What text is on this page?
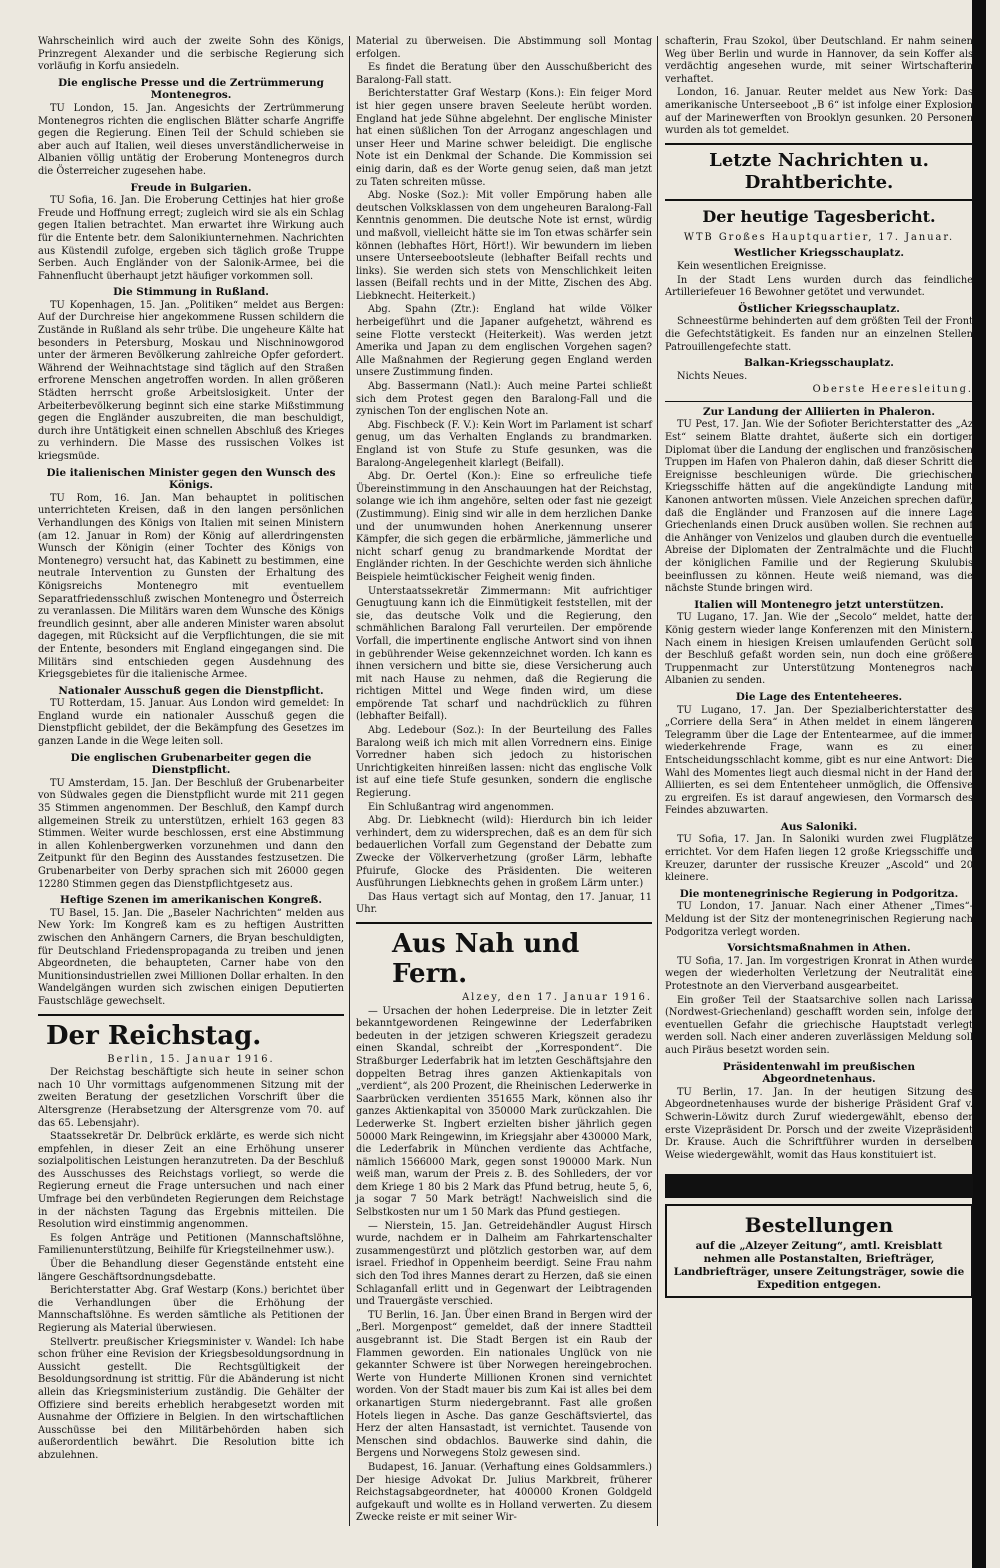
Wahrscheinlich wird auch der zweite Sohn des Königs, Prinzregent Alexander und die serbische Regierung sich vorläufig in Korfu ansiedeln.

Die englische Presse und die Zertrümmerung Montenegros.

TU London, 15. Jan. Angesichts der Zertrümmerung Montenegros richten die englischen Blätter scharfe Angriffe gegen die Regierung. Einen Teil der Schuld schieben sie aber auch auf Italien, weil dieses unverständlicherweise in Albanien völlig untätig der Eroberung Montenegros durch die Österreicher zugesehen habe.

Freude in Bulgarien.

TU Sofia, 16. Jan. Die Eroberung Cettinjes hat hier große Freude und Hoffnung erregt; zugleich wird sie als ein Schlag gegen Italien betrachtet. Man erwartet ihre Wirkung auch für die Entente betr. dem Salonikiunternehmen. Nachrichten aus Küstendil zufolge, ergeben sich täglich große Truppe Serben. Auch Engländer von der Salonik-Armee, bei die Fahnenflucht überhaupt jetzt häufiger vorkommen soll.

Die Stimmung in Rußland.

TU Kopenhagen, 15. Jan. „Politiken“ meldet aus Bergen: Auf der Durchreise hier angekommene Russen schildern die Zustände in Rußland als sehr trübe. Die ungeheure Kälte hat besonders in Petersburg, Moskau und Nischninowgorod unter der ärmeren Bevölkerung zahlreiche Opfer gefordert. Während der Weihnachtstage sind täglich auf den Straßen erfrorene Menschen angetroffen worden. In allen größeren Städten herrscht große Arbeitslosigkeit. Unter der Arbeiterbevölkerung beginnt sich eine starke Mißstimmung gegen die Engländer auszubreiten, die man beschuldigt, durch ihre Untätigkeit einen schnellen Abschluß des Krieges zu verhindern. Die Masse des russischen Volkes ist kriegsmüde.

Die italienischen Minister gegen den Wunsch des Königs.

TU Rom, 16. Jan. Man behauptet in politischen unterrichteten Kreisen, daß in den langen persönlichen Verhandlungen des Königs von Italien mit seinen Ministern (am 12. Januar in Rom) der König auf allerdringensten Wunsch der Königin (einer Tochter des Königs von Montenegro) versucht hat, das Kabinett zu bestimmen, eine neutrale Intervention zu Gunsten der Erhaltung des Königsreichs Montenegro mit eventuellem Separatfriedensschluß zwischen Montenegro und Österreich zu veranlassen. Die Militärs waren dem Wunsche des Königs freundlich gesinnt, aber alle anderen Minister waren absolut dagegen, mit Rücksicht auf die Verpflichtungen, die sie mit der Entente, besonders mit England eingegangen sind. Die Militärs sind entschieden gegen Ausdehnung des Kriegsgebietes für die italienische Armee.

Nationaler Ausschuß gegen die Dienstpflicht.

TU Rotterdam, 15. Januar. Aus London wird gemeldet: In England wurde ein nationaler Ausschuß gegen die Dienstpflicht gebildet, der die Bekämpfung des Gesetzes im ganzen Lande in die Wege leiten soll.

Die englischen Grubenarbeiter gegen die Dienstpflicht.

TU Amsterdam, 15. Jan. Der Beschluß der Grubenarbeiter von Südwales gegen die Dienstpflicht wurde mit 211 gegen 35 Stimmen angenommen. Der Beschluß, den Kampf durch allgemeinen Streik zu unterstützen, erhielt 163 gegen 83 Stimmen. Weiter wurde beschlossen, erst eine Abstimmung in allen Kohlenbergwerken vorzunehmen und dann den Zeitpunkt für den Beginn des Ausstandes festzusetzen. Die Grubenarbeiter von Derby sprachen sich mit 26000 gegen 12280 Stimmen gegen das Dienstpflichtgesetz aus.

Heftige Szenen im amerikanischen Kongreß.

TU Basel, 15. Jan. Die „Baseler Nachrichten“ melden aus New York: Im Kongreß kam es zu heftigen Austritten zwischen den Anhängern Carners, die Bryan beschuldigten, für Deutschland Friedenspropaganda zu treiben und jenen Abgeordneten, die behaupteten, Carner habe von den Munitionsindustriellen zwei Millionen Dollar erhalten. In den Wandelgängen wurden sich zwischen einigen Deputierten Faustschläge gewechselt.

Der Reichstag.

Berlin, 15. Januar 1916.

Der Reichstag beschäftigte sich heute in seiner schon nach 10 Uhr vormittags aufgenommenen Sitzung mit der zweiten Beratung der gesetzlichen Vorschrift über die Altersgrenze (Herabsetzung der Altersgrenze vom 70. auf das 65. Lebensjahr).

Staatssekretär Dr. Delbrück erklärte, es werde sich nicht empfehlen, in dieser Zeit an eine Erhöhung unserer sozialpolitischen Leistungen heranzutreten. Da der Beschluß des Ausschusses des Reichstags vorliegt, so werde die Regierung erneut die Frage untersuchen und nach einer Umfrage bei den verbündeten Regierungen dem Reichstage in der nächsten Tagung das Ergebnis mitteilen. Die Resolution wird einstimmig angenommen.

Es folgen Anträge und Petitionen (Mannschaftslöhne, Familienunterstützung, Beihilfe für Kriegsteilnehmer usw.).

Über die Behandlung dieser Gegenstände entsteht eine längere Geschäftsordnungsdebatte.

Berichterstatter Abg. Graf Westarp (Kons.) berichtet über die Verhandlungen über die Erhöhung der Mannschaftslöhne. Es werden sämtliche als Petitionen der Regierung als Material überwiesen.

Stellvertr. preußischer Kriegsminister v. Wandel: Ich habe schon früher eine Revision der Kriegsbesoldungsordnung in Aussicht gestellt. Die Rechtsgültigkeit der Besoldungsordnung ist strittig. Für die Abänderung ist nicht allein das Kriegsministerium zuständig. Die Gehälter der Offiziere sind bereits erheblich herabgesetzt worden mit Ausnahme der Offiziere in Belgien. In den wirtschaftlichen Ausschüsse bei den Militärbehörden haben sich außerordentlich bewährt. Die Resolution bitte ich abzulehnen.

Material zu überweisen. Die Abstimmung soll Montag erfolgen.

Es findet die Beratung über den Ausschußbericht des Baralong-Fall statt.

Berichterstatter Graf Westarp (Kons.): Ein feiger Mord ist hier gegen unsere braven Seeleute herübt worden. England hat jede Sühne abgelehnt. Der englische Minister hat einen süßlichen Ton der Arroganz angeschlagen und unser Heer und Marine schwer beleidigt. Die englische Note ist ein Denkmal der Schande. Die Kommission sei einig darin, daß es der Worte genug seien, daß man jetzt zu Taten schreiten müsse.

Abg. Noske (Soz.): Mit voller Empörung haben alle deutschen Volksklassen von dem ungeheuren Baralong-Fall Kenntnis genommen. Die deutsche Note ist ernst, würdig und maßvoll, vielleicht hätte sie im Ton etwas schärfer sein können (lebhaftes Hört, Hört!). Wir bewundern im lieben unsere Unterseebootsleute (lebhafter Beifall rechts und links). Sie werden sich stets von Menschlichkeit leiten lassen (Beifall rechts und in der Mitte, Zischen des Abg. Liebknecht. Heiterkeit.)

Abg. Spahn (Ztr.): England hat wilde Völker herbeigeführt und die Japaner aufgehetzt, während es seine Flotte versteckt (Heiterkeit). Was werden jetzt Amerika und Japan zu dem englischen Vorgehen sagen? Alle Maßnahmen der Regierung gegen England werden unsere Zustimmung finden.

Abg. Bassermann (Natl.): Auch meine Partei schließt sich dem Protest gegen den Baralong-Fall und die zynischen Ton der englischen Note an.

Abg. Fischbeck (F. V.): Kein Wort im Parlament ist scharf genug, um das Verhalten Englands zu brandmarken. England ist von Stufe zu Stufe gesunken, was die Baralong-Angelegenheit klarlegt (Beifall).

Abg. Dr. Oertel (Kon.): Eine so erfreuliche tiefe Übereinstimmung in den Anschauungen hat der Reichstag, solange wie ich ihm angehöre, selten oder fast nie gezeigt (Zustimmung). Einig sind wir alle in dem herzlichen Danke und der unumwunden hohen Anerkennung unserer Kämpfer, die sich gegen die erbärmliche, jämmerliche und nicht scharf genug zu brandmarkende Mordtat der Engländer richten. In der Geschichte werden sich ähnliche Beispiele heimtückischer Feigheit wenig finden.

Unterstaatssekretär Zimmermann: Mit aufrichtiger Genugtuung kann ich die Einmütigkeit feststellen, mit der sie, das deutsche Volk und die Regierung, den schmählichen Baralong Fall verurteilen. Der empörende Vorfall, die impertinente englische Antwort sind von ihnen in gebührender Weise gekennzeichnet worden. Ich kann es ihnen versichern und bitte sie, diese Versicherung auch mit nach Hause zu nehmen, daß die Regierung die richtigen Mittel und Wege finden wird, um diese empörende Tat scharf und nachdrücklich zu führen (lebhafter Beifall).

Abg. Ledebour (Soz.): In der Beurteilung des Falles Baralong weiß ich mich mit allen Vorrednern eins. Einige Vorredner haben sich jedoch zu historischen Unrichtigkeiten hinreißen lassen: nicht das englische Volk ist auf eine tiefe Stufe gesunken, sondern die englische Regierung.

Ein Schlußantrag wird angenommen.

Abg. Dr. Liebknecht (wild): Hierdurch bin ich leider verhindert, dem zu widersprechen, daß es an dem für sich bedauerlichen Vorfall zum Gegenstand der Debatte zum Zwecke der Völkerverhetzung (großer Lärm, lebhafte Pfuirufe, Glocke des Präsidenten. Die weiteren Ausführungen Liebknechts gehen in großem Lärm unter.)

Das Haus vertagt sich auf Montag, den 17. Januar, 11 Uhr.

Aus Nah und Fern.

Alzey, den 17. Januar 1916.

— Ursachen der hohen Lederpreise. Die in letzter Zeit bekanntgewordenen Reingewinne der Lederfabriken bedeuten in der jetzigen schweren Kriegszeit geradezu einen Skandal, schreibt der „Korrespondent“. Die Straßburger Lederfabrik hat im letzten Geschäftsjahre den doppelten Betrag ihres ganzen Aktienkapitals von „verdient“, als 200 Prozent, die Rheinischen Lederwerke in Saarbrücken verdienten 351655 Mark, können also ihr ganzes Aktienkapital von 350000 Mark zurückzahlen. Die Lederwerke St. Ingbert erzielten bisher jährlich gegen 50000 Mark Reingewinn, im Kriegsjahr aber 430000 Mark, die Lederfabrik in München verdiente das Achtfache, nämlich 1566000 Mark, gegen sonst 190000 Mark. Nun weiß man, warum der Preis z. B. des Sohlleders, der vor dem Kriege 1 80 bis 2 Mark das Pfund betrug, heute 5, 6, ja sogar 7 50 Mark beträgt! Nachweislich sind die Selbstkosten nur um 1 50 Mark das Pfund gestiegen.

— Nierstein, 15. Jan. Getreidehändler August Hirsch wurde, nachdem er in Dalheim am Fahrkartenschalter zusammengestürzt und plötzlich gestorben war, auf dem israel. Friedhof in Oppenheim beerdigt. Seine Frau nahm sich den Tod ihres Mannes derart zu Herzen, daß sie einen Schlaganfall erlitt und in Gegenwart der Leibtragenden und Trauergäste verschied.

TU Berlin, 16. Jan. Über einen Brand in Bergen wird der „Berl. Morgenpost“ gemeldet, daß der innere Stadtteil ausgebrannt ist. Die Stadt Bergen ist ein Raub der Flammen geworden. Ein nationales Unglück von nie gekannter Schwere ist über Norwegen hereingebrochen. Werte von Hunderte Millionen Kronen sind vernichtet worden. Von der Stadt mauer bis zum Kai ist alles bei dem orkanartigen Sturm niedergebrannt. Fast alle großen Hotels liegen in Asche. Das ganze Geschäftsviertel, das Herz der alten Hansastadt, ist vernichtet. Tausende von Menschen sind obdachlos. Bauwerke sind dahin, die Bergens und Norwegens Stolz gewesen sind.

Budapest, 16. Januar. (Verhaftung eines Goldsammlers.) Der hiesige Advokat Dr. Julius Markbreit, früherer Reichstagsabgeordneter, hat 400000 Kronen Goldgeld aufgekauft und wollte es in Holland verwerten. Zu diesem Zwecke reiste er mit seiner Wir-

schafterin, Frau Szokol, über Deutschland. Er nahm seinen Weg über Berlin und wurde in Hannover, da sein Koffer als verdächtig angesehen wurde, mit seiner Wirtschafterin verhaftet.

London, 16. Januar. Reuter meldet aus New York: Das amerikanische Unterseeboot „B 6“ ist infolge einer Explosion auf der Marinewerften von Brooklyn gesunken. 20 Personen wurden als tot gemeldet.

Letzte Nachrichten u. Drahtberichte.
Der heutige Tagesbericht.

WTB Großes Hauptquartier, 17. Januar.

Westlicher Kriegsschauplatz.

Kein wesentlichen Ereignisse.

In der Stadt Lens wurden durch das feindliche Artilleriefeuer 16 Bewohner getötet und verwundet.

Östlicher Kriegsschauplatz.

Schneestürme behinderten auf dem größten Teil der Front die Gefechtstätigkeit. Es fanden nur an einzelnen Stellen Patrouillengefechte statt.

Balkan-Kriegsschauplatz.

Nichts Neues.

Oberste Heeresleitung.

Zur Landung der Alliierten in Phaleron.

TU Pest, 17. Jan. Wie der Sofioter Berichterstatter des „Az Est“ seinem Blatte drahtet, äußerte sich ein dortiger Diplomat über die Landung der englischen und französischen Truppen im Hafen von Phaleron dahin, daß dieser Schritt die Ereignisse beschleunigen würde. Die griechischen Kriegsschiffe hätten auf die angekündigte Landung mit Kanonen antworten müssen. Viele Anzeichen sprechen dafür, daß die Engländer und Franzosen auf die innere Lage Griechenlands einen Druck ausüben wollen. Sie rechnen auf die Anhänger von Venizelos und glauben durch die eventuelle Abreise der Diplomaten der Zentralmächte und die Flucht der königlichen Familie und der Regierung Skulubis beeinflussen zu können. Heute weiß niemand, was die nächste Stunde bringen wird.

Italien will Montenegro jetzt unterstützen.

TU Lugano, 17. Jan. Wie der „Secolo“ meldet, hatte der König gestern wieder lange Konferenzen mit den Ministern. Nach einem in hiesigen Kreisen umlaufenden Gerücht soll der Beschluß gefaßt worden sein, nun doch eine größere Truppenmacht zur Unterstützung Montenegros nach Albanien zu senden.

Die Lage des Ententeheeres.

TU Lugano, 17. Jan. Der Spezialberichterstatter des „Corriere della Sera“ in Athen meldet in einem längeren Telegramm über die Lage der Ententearmee, auf die immer wiederkehrende Frage, wann es zu einer Entscheidungsschlacht komme, gibt es nur eine Antwort: Die Wahl des Momentes liegt auch diesmal nicht in der Hand der Alliierten, es sei dem Ententeheer unmöglich, die Offensive zu ergreifen. Es ist darauf angewiesen, den Vormarsch des Feindes abzuwarten.

Aus Saloniki.

TU Sofia, 17. Jan. In Saloniki wurden zwei Flugplätze errichtet. Vor dem Hafen liegen 12 große Kriegsschiffe und Kreuzer, darunter der russische Kreuzer „Ascold“ und 20 kleinere.

Die montenegrinische Regierung in Podgoritza.

TU London, 17. Januar. Nach einer Athener „Times“-Meldung ist der Sitz der montenegrinischen Regierung nach Podgoritza verlegt worden.

Vorsichtsmaßnahmen in Athen.

TU Sofia, 17. Jan. Im vorgestrigen Kronrat in Athen wurde wegen der wiederholten Verletzung der Neutralität eine Protestnote an den Vierverband ausgearbeitet.

Ein großer Teil der Staatsarchive sollen nach Larissa (Nordwest-Griechenland) geschafft worden sein, infolge der eventuellen Gefahr die griechische Hauptstadt verlegt werden soll. Nach einer anderen zuverlässigen Meldung soll auch Piräus besetzt worden sein.

Präsidentenwahl im preußischen Abgeordnetenhaus.

TU Berlin, 17. Jan. In der heutigen Sitzung des Abgeordnetenhauses wurde der bisherige Präsident Graf v. Schwerin-Löwitz durch Zuruf wiedergewählt, ebenso der erste Vizepräsident Dr. Porsch und der zweite Vizepräsident Dr. Krause. Auch die Schriftführer wurden in derselben Weise wiedergewählt, womit das Haus konstituiert ist.

Bestellungen
auf die „Alzeyer Zeitung“, amtl. Kreisblatt nehmen alle Postanstalten, Briefträger, Landbriefträger, unsere Zeitungsträger, sowie die Expedition entgegen.
